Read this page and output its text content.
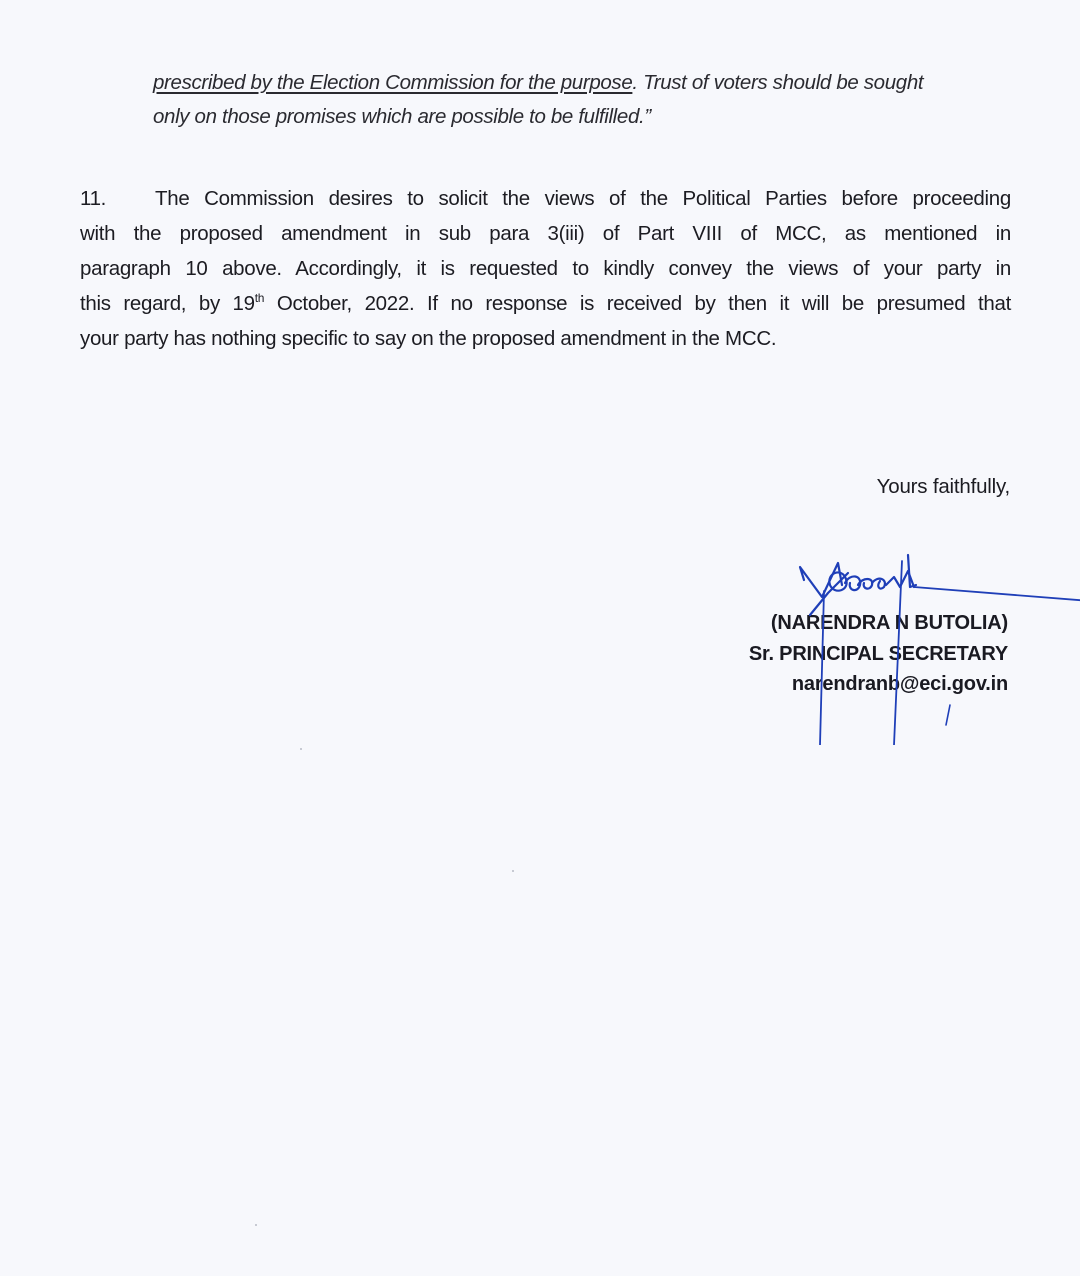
prescribed by the Election Commission for the purpose. Trust of voters should be sought
only on those promises which are possible to be fulfilled.”
11. The Commission desires to solicit the views of the Political Parties before proceeding
with the proposed amendment in sub para 3(iii) of Part VIII of MCC, as mentioned in
paragraph 10 above. Accordingly, it is requested to kindly convey the views of your party in
this regard, by 19th October, 2022. If no response is received by then it will be presumed that
your party has nothing specific to say on the proposed amendment in the MCC.
Yours faithfully,
(NARENDRA N BUTOLIA)
Sr. PRINCIPAL SECRETARY
narendranb@eci.gov.in
